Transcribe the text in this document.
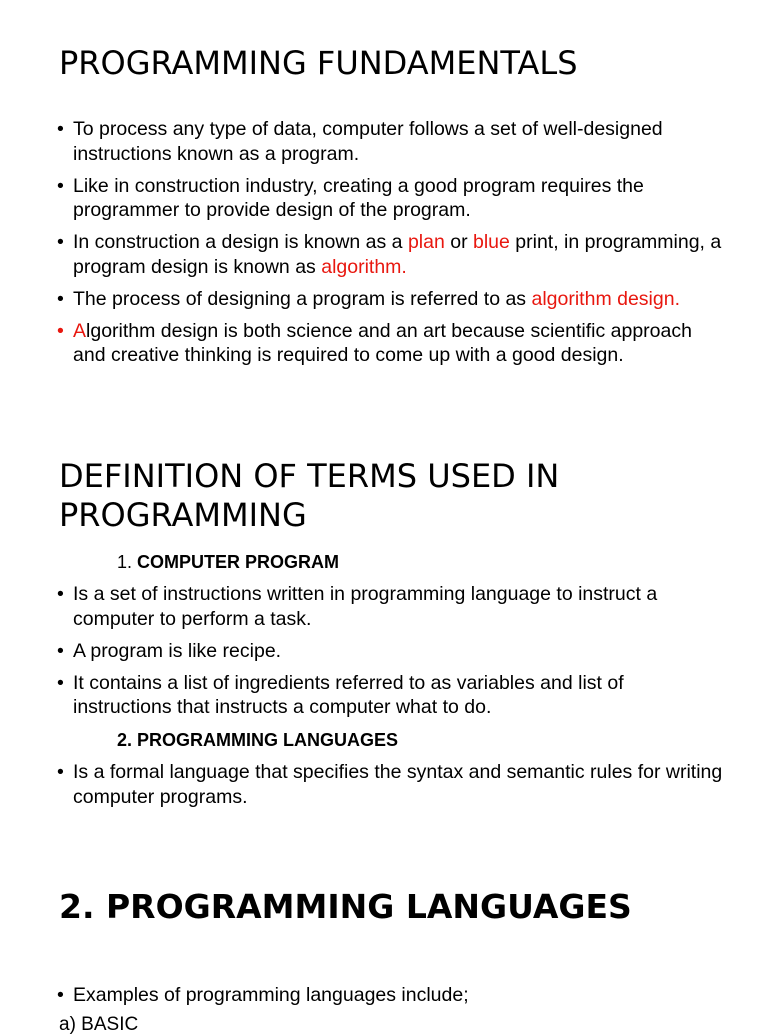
PROGRAMMING FUNDAMENTALS
• To process any type of data, computer follows a set of well-designed instructions known as a program.
• Like in construction industry, creating a good program requires the programmer to provide design of the program.
• In construction a design is known as a plan or blue print, in programming, a program design is known as algorithm.
• The process of designing a program is referred to as algorithm design.
• Algorithm design is both science and an art because scientific approach and creative thinking is required to come up with a good design.
DEFINITION OF TERMS USED IN
PROGRAMMING
1. COMPUTER PROGRAM
• Is a set of instructions written in programming language to instruct a computer to perform a task.
• A program is like recipe.
• It contains a list of ingredients referred to as variables and list of instructions that instructs a computer what to do.
2. PROGRAMMING LANGUAGES
• Is a formal language that specifies the syntax and semantic rules for writing computer programs.
2. PROGRAMMING LANGUAGES
• Examples of programming languages include;
a) BASIC
